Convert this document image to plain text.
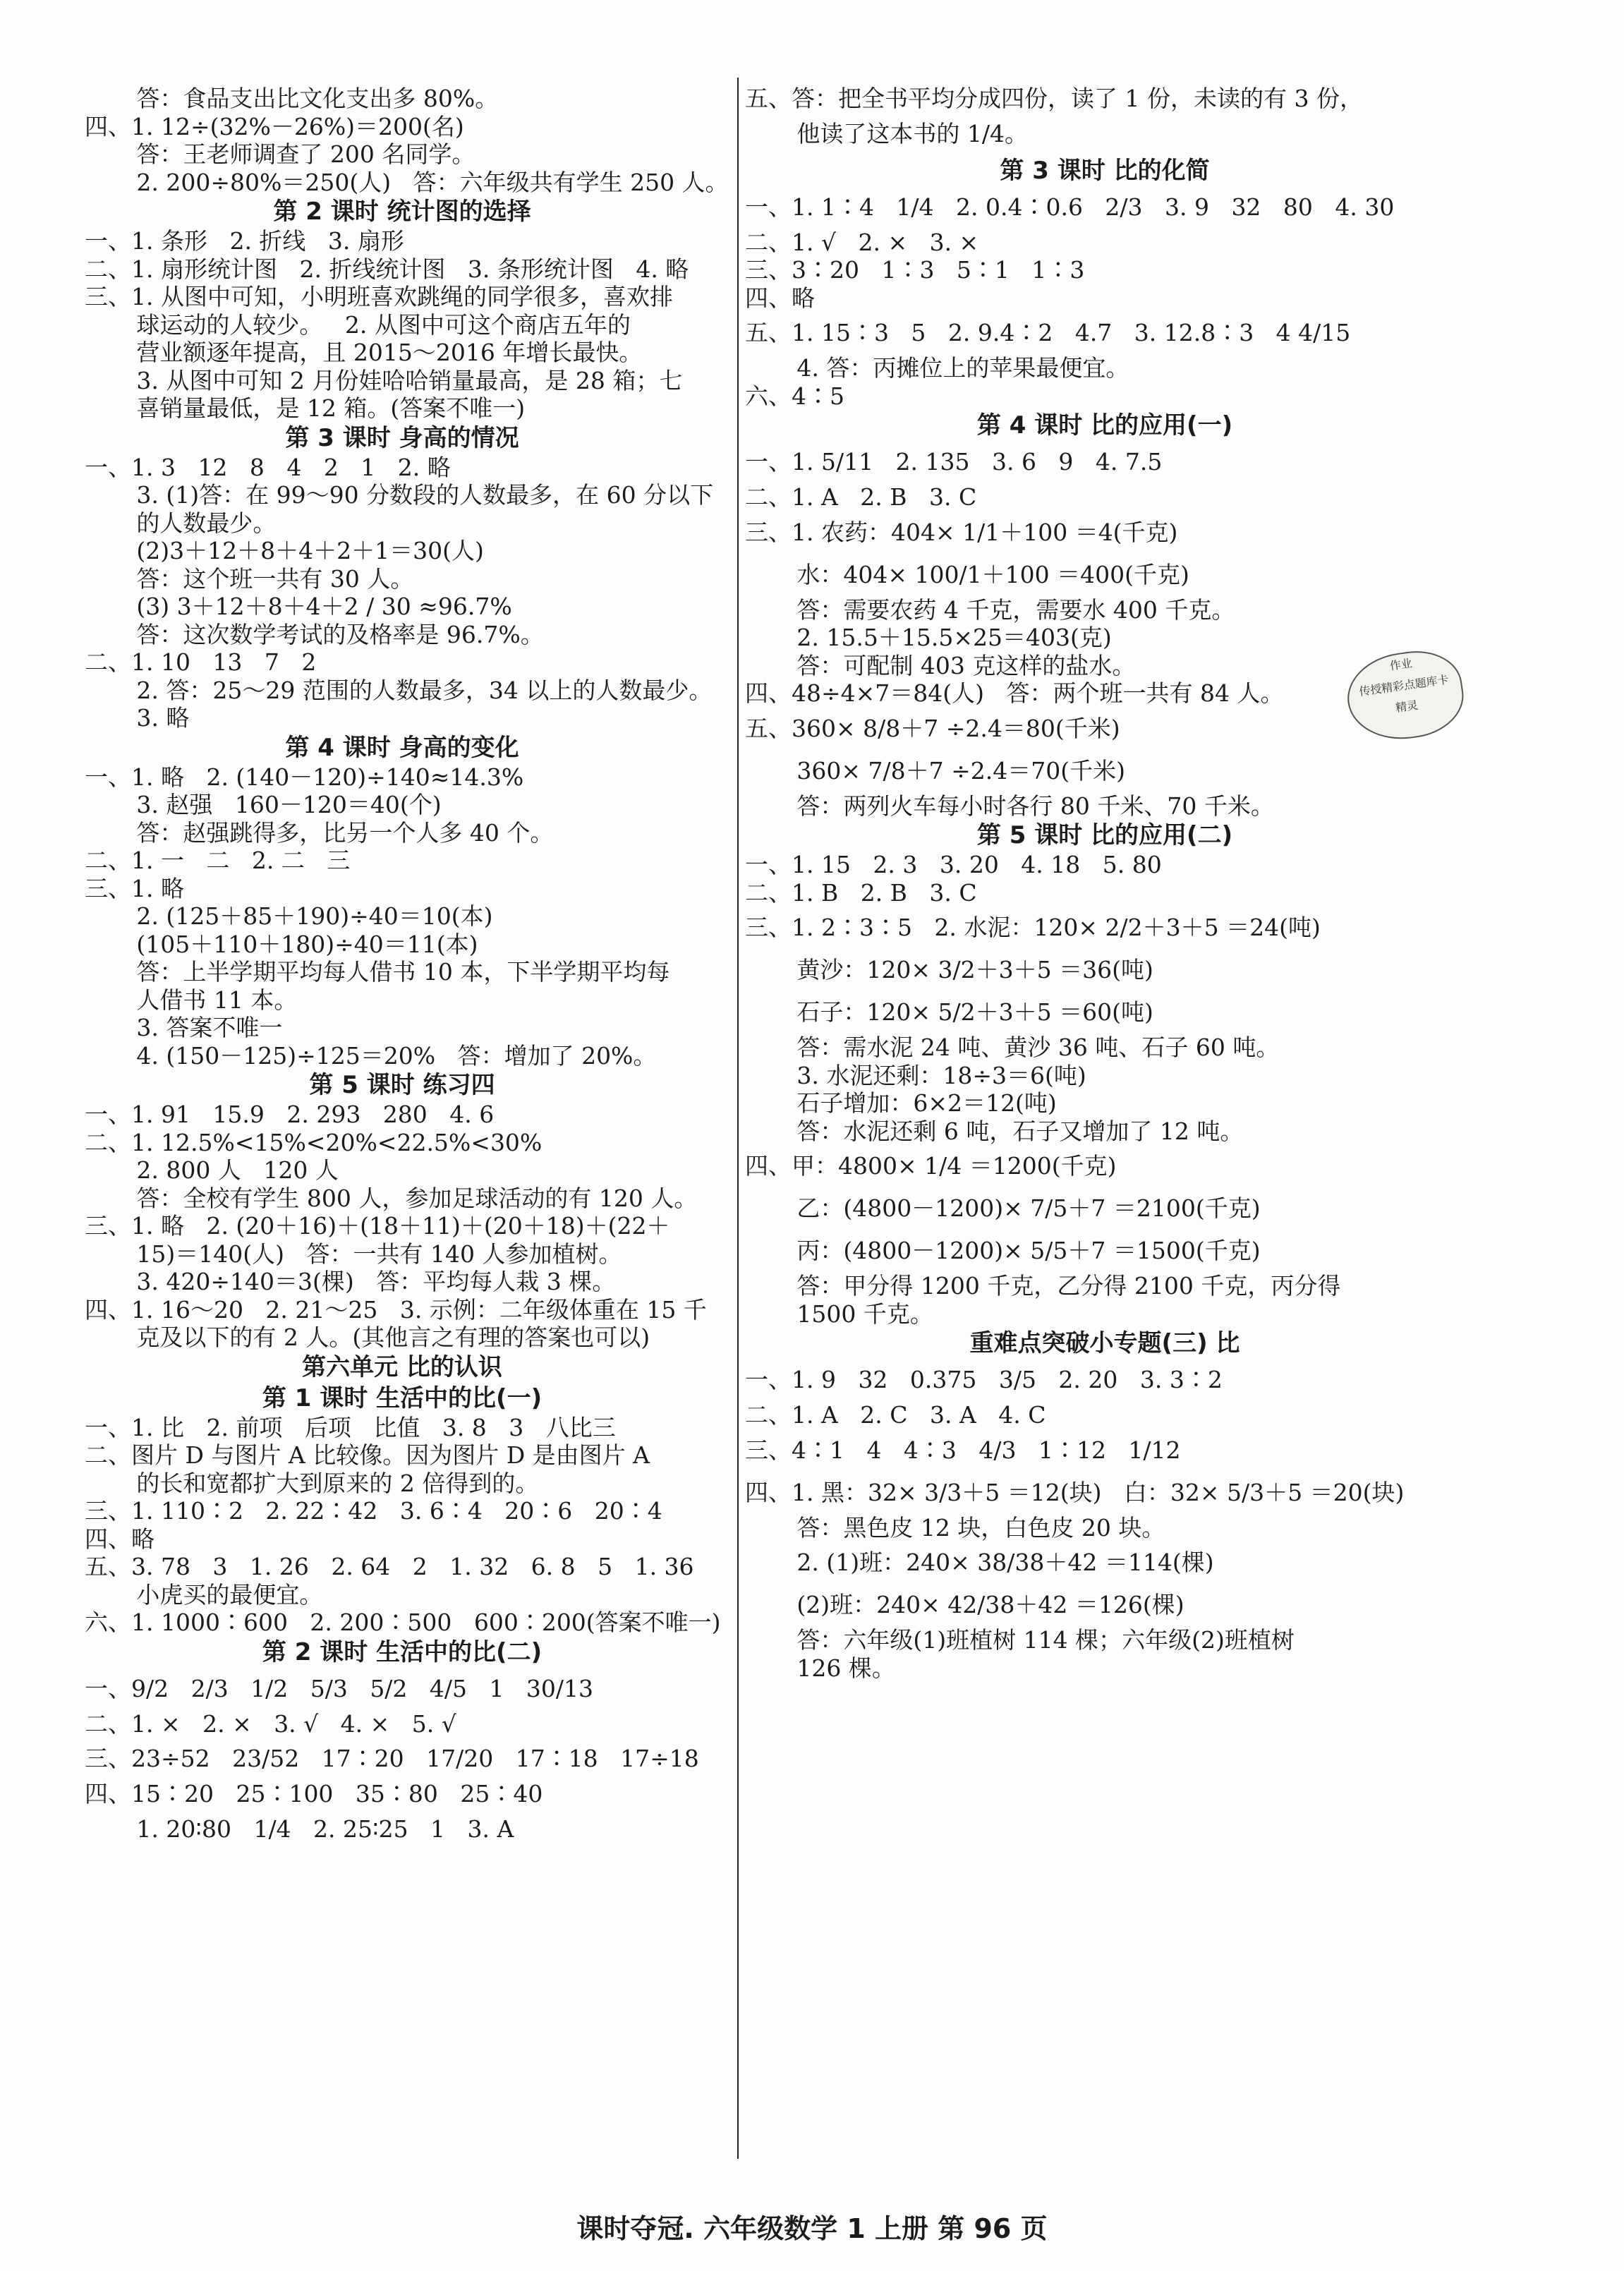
答：食品支出比文化支出多 80%。
四、1. 12÷(32%－26%)＝200(名)
答：王老师调查了 200 名同学。
2. 200÷80%＝250(人)   答：六年级共有学生 250 人。
第 2 课时 统计图的选择
一、1. 条形   2. 折线   3. 扇形
二、1. 扇形统计图   2. 折线统计图   3. 条形统计图   4. 略
三、1. 从图中可知，小明班喜欢跳绳的同学很多，喜欢排
球运动的人较少。   2. 从图中可这个商店五年的
营业额逐年提高，且 2015～2016 年增长最快。
3. 从图中可知 2 月份娃哈哈销量最高，是 28 箱；七
喜销量最低，是 12 箱。(答案不唯一)
第 3 课时 身高的情况
一、1. 3   12   8   4   2   1   2. 略
3. (1)答：在 99～90 分数段的人数最多，在 60 分以下
的人数最少。
(2)3＋12＋8＋4＋2＋1＝30(人)
答：这个班一共有 30 人。
(3) 3＋12＋8＋4＋2 / 30 ≈96.7%
答：这次数学考试的及格率是 96.7%。
二、1. 10   13   7   2
2. 答：25～29 范围的人数最多，34 以上的人数最少。
3. 略
第 4 课时 身高的变化
一、1. 略   2. (140－120)÷140≈14.3%
3. 赵强   160－120＝40(个)
答：赵强跳得多，比另一个人多 40 个。
二、1. 一   二   2. 二   三
三、1. 略
2. (125＋85＋190)÷40＝10(本)
(105＋110＋180)÷40＝11(本)
答：上半学期平均每人借书 10 本，下半学期平均每
人借书 11 本。
3. 答案不唯一
4. (150－125)÷125＝20%   答：增加了 20%。
第 5 课时 练习四
一、1. 91   15.9   2. 293   280   4. 6
二、1. 12.5%<15%<20%<22.5%<30%
2. 800 人   120 人
答：全校有学生 800 人，参加足球活动的有 120 人。
三、1. 略   2. (20＋16)＋(18＋11)＋(20＋18)＋(22＋
15)＝140(人)   答：一共有 140 人参加植树。
3. 420÷140＝3(棵)   答：平均每人栽 3 棵。
四、1. 16～20   2. 21～25   3. 示例：二年级体重在 15 千
克及以下的有 2 人。(其他言之有理的答案也可以)
第六单元 比的认识
第 1 课时 生活中的比(一)
一、1. 比   2. 前项   后项   比值   3. 8   3   八比三
二、图片 D 与图片 A 比较像。因为图片 D 是由图片 A
的长和宽都扩大到原来的 2 倍得到的。
三、1. 110∶2   2. 22∶42   3. 6∶4   20∶6   20∶4
四、略
五、3. 78   3   1. 26   2. 64   2   1. 32   6. 8   5   1. 36
小虎买的最便宜。
六、1. 1000∶600   2. 200∶500   600∶200(答案不唯一)
第 2 课时 生活中的比(二)
一、9/2   2/3   1/2   5/3   5/2   4/5   1   30/13
二、1. ×   2. ×   3. √   4. ×   5. √
三、23÷52   23/52   17∶20   17/20   17∶18   17÷18
四、15∶20   25∶100   35∶80   25∶40
1. 20∶80   1/4   2. 25∶25   1   3. A
五、答：把全书平均分成四份，读了 1 份，未读的有 3 份，
他读了这本书的 1/4。
第 3 课时 比的化简
一、1. 1∶4   1/4   2. 0.4∶0.6   2/3   3. 9   32   80   4. 30
二、1. √   2. ×   3. ×
三、3∶20   1∶3   5∶1   1∶3
四、略
五、1. 15∶3   5   2. 9.4∶2   4.7   3. 12.8∶3   4 4/15
4. 答：丙摊位上的苹果最便宜。
六、4∶5
第 4 课时 比的应用(一)
一、1. 5/11   2. 135   3. 6   9   4. 7.5
二、1. A   2. B   3. C
三、1. 农药：404× 1/1＋100 ＝4(千克)
水：404× 100/1＋100 ＝400(千克)
答：需要农药 4 千克，需要水 400 千克。
2. 15.5＋15.5×25＝403(克)
答：可配制 403 克这样的盐水。
四、48÷4×7＝84(人)   答：两个班一共有 84 人。
五、360× 8/8＋7 ÷2.4＝80(千米)
360× 7/8＋7 ÷2.4＝70(千米)
答：两列火车每小时各行 80 千米、70 千米。
第 5 课时 比的应用(二)
一、1. 15   2. 3   3. 20   4. 18   5. 80
二、1. B   2. B   3. C
三、1. 2∶3∶5   2. 水泥：120× 2/2＋3＋5 ＝24(吨)
黄沙：120× 3/2＋3＋5 ＝36(吨)
石子：120× 5/2＋3＋5 ＝60(吨)
答：需水泥 24 吨、黄沙 36 吨、石子 60 吨。
3. 水泥还剩：18÷3＝6(吨)
石子增加：6×2＝12(吨)
答：水泥还剩 6 吨，石子又增加了 12 吨。
四、甲：4800× 1/4 ＝1200(千克)
乙：(4800－1200)× 7/5＋7 ＝2100(千克)
丙：(4800－1200)× 5/5＋7 ＝1500(千克)
答：甲分得 1200 千克，乙分得 2100 千克，丙分得
1500 千克。
重难点突破小专题(三) 比
一、1. 9   32   0.375   3/5   2. 20   3. 3∶2
二、1. A   2. C   3. A   4. C
三、4∶1   4   4∶3   4/3   1∶12   1/12
四、1. 黑：32× 3/3＋5 ＝12(块)   白：32× 5/3＋5 ＝20(块)
答：黑色皮 12 块，白色皮 20 块。
2. (1)班：240× 38/38＋42 ＝114(棵)
(2)班：240× 42/38＋42 ＝126(棵)
答：六年级(1)班植树 114 棵；六年级(2)班植树
126 棵。
作业
传授精彩点题库卡
精灵
课时夺冠. 六年级数学 1 上册 第 96 页
